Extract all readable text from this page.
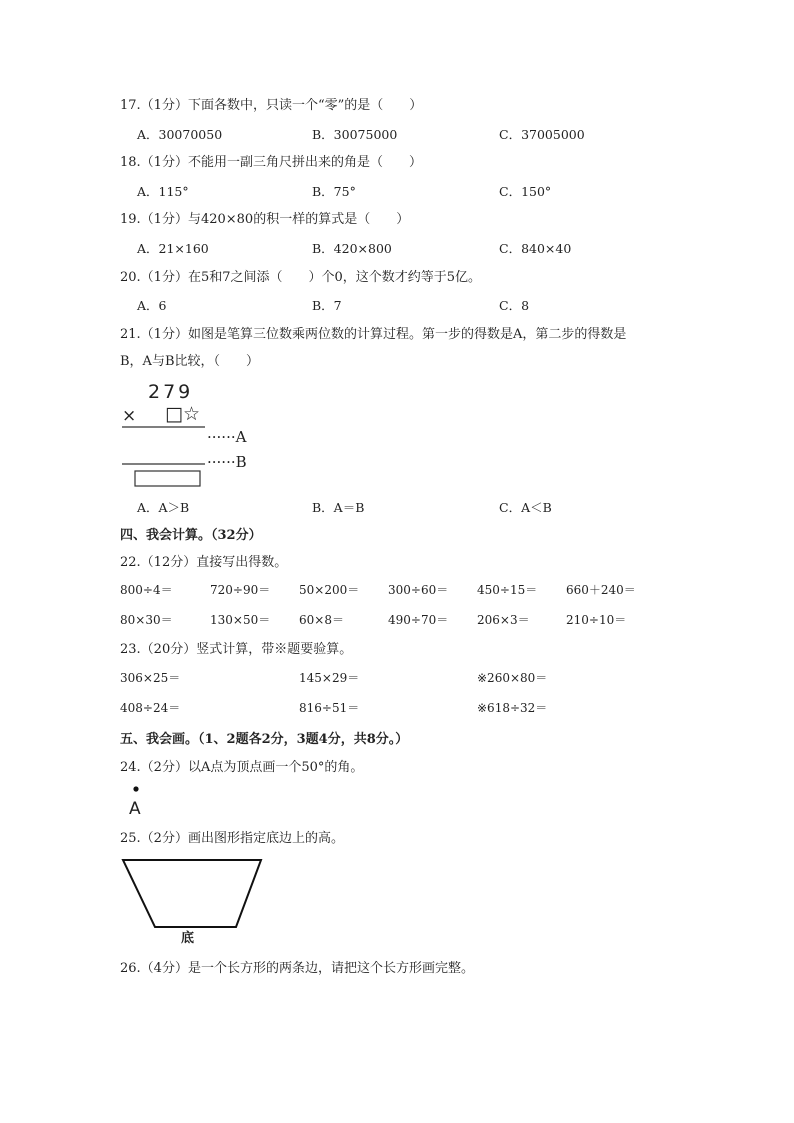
17.（1分）下面各数中，只读一个“零”的是（　　）
A．30070050	B．30075000	C．37005000
18.（1分）不能用一副三角尺拼出来的角是（　　）
A．115°	B．75°	C．150°
19.（1分）与420×80的积一样的算式是（　　）
A．21×160	B．420×800	C．840×40
20.（1分）在5和7之间添（　　）个0，这个数才约等于5亿。
A．6	B．7	C．8
21.（1分）如图是笔算三位数乘两位数的计算过程。第一步的得数是A，第二步的得数是
B，A与B比较，（　　）
279
× □☆
······A
······B
A．A＞B	B．A＝B	C．A＜B
四、我会计算。（32分）
22.（12分）直接写出得数。
800÷4＝	720÷90＝ 50×200＝ 300÷60＝ 450÷15＝ 660＋240＝
80×30＝	130×50＝ 60×8＝	490÷70＝ 206×3＝	210÷10＝
23.（20分）竖式计算，带※题要验算。
306×25＝	145×29＝	※260×80＝
408÷24＝	816÷51＝	※618÷32＝
五、我会画。（1、2题各2分，3题4分，共8分。）
24.（2分）以A点为顶点画一个50°的角。
A
25.（2分）画出图形指定底边上的高。
底
26.（4分）是一个长方形的两条边，请把这个长方形画完整。
